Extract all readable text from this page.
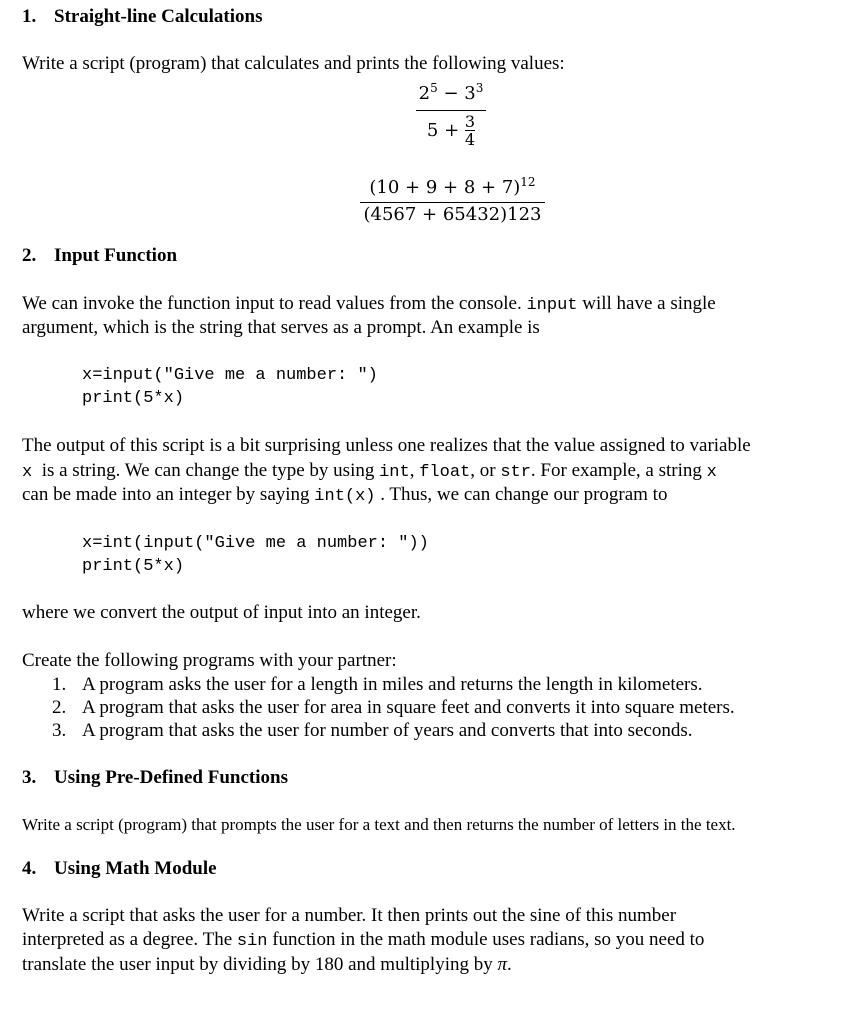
1. Straight-line Calculations
Write a script (program) that calculates and prints the following values:
$\frac{2^5 - 3^3}{5 + \frac{3}{4}}$
$\frac{(10 + 9 + 8 + 7)^{12}}{(4567 + 65432)123}$
2. Input Function
We can invoke the function input to read values from the console. input will have a single
argument, which is the string that serves as a prompt. An example is
x=input("Give me a number: ")
print(5*x)
The output of this script is a bit surprising unless one realizes that the value assigned to variable
x  is a string. We can change the type by using int, float, or str. For example, a string x
can be made into an integer by saying int(x) . Thus, we can change our program to
x=int(input("Give me a number: "))
print(5*x)
where we convert the output of input into an integer.
Create the following programs with your partner:
1. A program asks the user for a length in miles and returns the length in kilometers.
2. A program that asks the user for area in square feet and converts it into square meters.
3. A program that asks the user for number of years and converts that into seconds.
3. Using Pre-Defined Functions
Write a script (program) that prompts the user for a text and then returns the number of letters in the text.
4. Using Math Module
Write a script that asks the user for a number. It then prints out the sine of this number
interpreted as a degree. The sin function in the math module uses radians, so you need to
translate the user input by dividing by 180 and multiplying by π.
